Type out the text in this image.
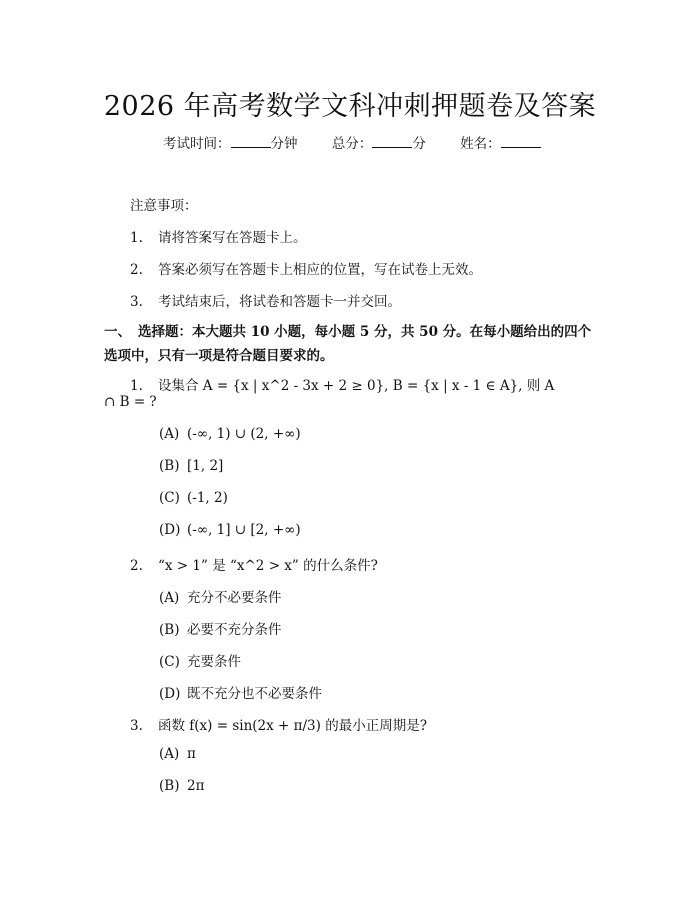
2026 年高考数学文科冲刺押题卷及答案
考试时间：	分钟	总分：	分	姓名：
注意事项：
1. 请将答案写在答题卡上。
2. 答案必须写在答题卡上相应的位置，写在试卷上无效。
3. 考试结束后，将试卷和答题卡一并交回。
一、 选择题：本大题共 10 小题，每小题 5 分，共 50 分。在每小题给出的四个选项中，只有一项是符合题目要求的。
1. 设集合 A = {x | x^2 - 3x + 2 ≥ 0}, B = {x | x - 1 ∈ A}, 则 A
∩ B = ?
(A) (-∞, 1) ∪ (2, +∞)
(B) [1, 2]
(C) (-1, 2)
(D) (-∞, 1] ∪ [2, +∞)
2. “x > 1” 是 “x^2 > x” 的什么条件?
(A) 充分不必要条件
(B) 必要不充分条件
(C) 充要条件
(D) 既不充分也不必要条件
3. 函数 f(x) = sin(2x + π/3) 的最小正周期是?
(A) π
(B) 2π
